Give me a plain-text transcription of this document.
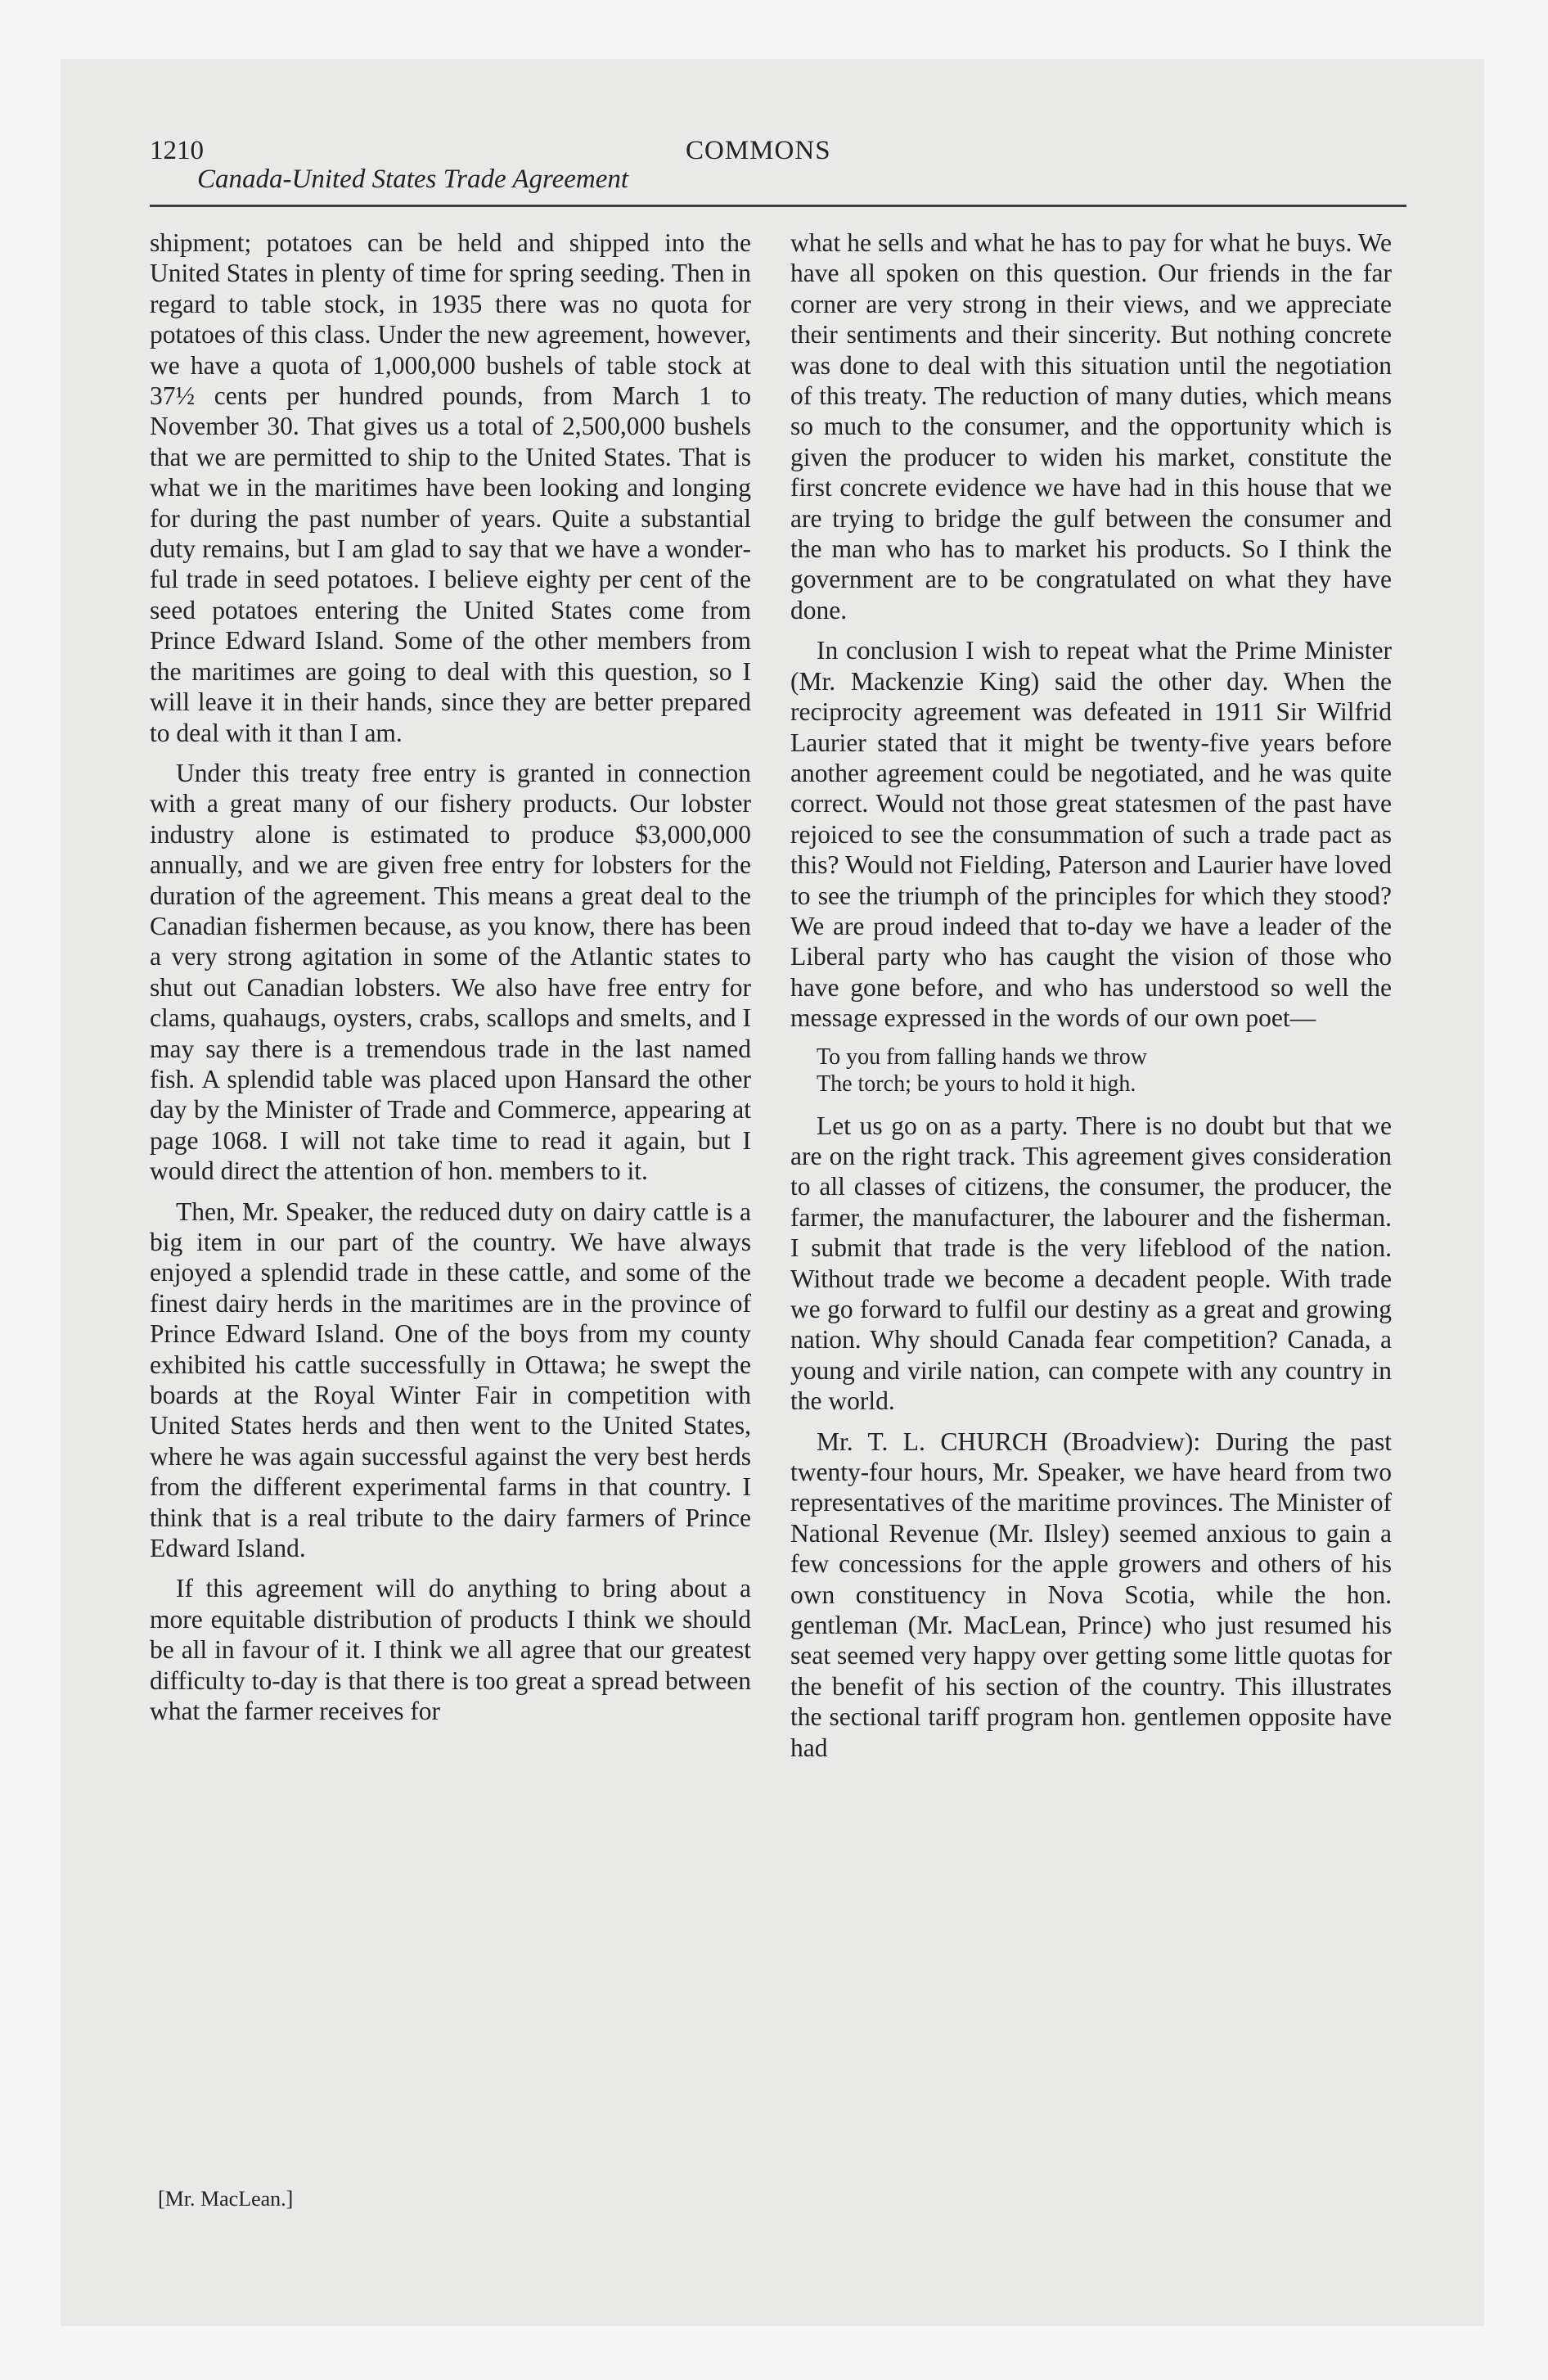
1210	COMMONS
Canada-United States Trade Agreement

shipment; potatoes can be held and shipped into the United States in plenty of time for spring seeding. Then in regard to table stock, in 1935 there was no quota for potatoes of this class. Under the new agreement, however, we have a quota of 1,000,000 bushels of table stock at 37½ cents per hundred pounds, from March 1 to November 30. That gives us a total of 2,500,000 bushels that we are permitted to ship to the United States. That is what we in the maritimes have been looking and longing for during the past number of years. Quite a substantial duty remains, but I am glad to say that we have a wonderful trade in seed potatoes. I believe eighty per cent of the seed potatoes entering the United States come from Prince Edward Island. Some of the other members from the maritimes are going to deal with this question, so I will leave it in their hands, since they are better prepared to deal with it than I am.

Under this treaty free entry is granted in connection with a great many of our fishery products. Our lobster industry alone is estimated to produce $3,000,000 annually, and we are given free entry for lobsters for the duration of the agreement. This means a great deal to the Canadian fishermen because, as you know, there has been a very strong agitation in some of the Atlantic states to shut out Canadian lobsters. We also have free entry for clams, quahaugs, oysters, crabs, scallops and smelts, and I may say there is a tremendous trade in the last named fish. A splendid table was placed upon Hansard the other day by the Minister of Trade and Commerce, appearing at page 1068. I will not take time to read it again, but I would direct the attention of hon. members to it.

Then, Mr. Speaker, the reduced duty on dairy cattle is a big item in our part of the country. We have always enjoyed a splendid trade in these cattle, and some of the finest dairy herds in the maritimes are in the province of Prince Edward Island. One of the boys from my county exhibited his cattle successfully in Ottawa; he swept the boards at the Royal Winter Fair in competition with United States herds and then went to the United States, where he was again successful against the very best herds from the different experimental farms in that country. I think that is a real tribute to the dairy farmers of Prince Edward Island.

If this agreement will do anything to bring about a more equitable distribution of products I think we should be all in favour of it. I think we all agree that our greatest difficulty to-day is that there is too great a spread between what the farmer receives for

[Mr. MacLean.]

what he sells and what he has to pay for what he buys. We have all spoken on this question. Our friends in the far corner are very strong in their views, and we appreciate their sentiments and their sincerity. But nothing concrete was done to deal with this situation until the negotiation of this treaty. The reduction of many duties, which means so much to the consumer, and the opportunity which is given the producer to widen his market, constitute the first concrete evidence we have had in this house that we are trying to bridge the gulf between the consumer and the man who has to market his products. So I think the government are to be congratulated on what they have done.

In conclusion I wish to repeat what the Prime Minister (Mr. Mackenzie King) said the other day. When the reciprocity agreement was defeated in 1911 Sir Wilfrid Laurier stated that it might be twenty-five years before another agreement could be negotiated, and he was quite correct. Would not those great statesmen of the past have rejoiced to see the consummation of such a trade pact as this? Would not Fielding, Paterson and Laurier have loved to see the triumph of the principles for which they stood? We are proud indeed that to-day we have a leader of the Liberal party who has caught the vision of those who have gone before, and who has understood so well the message expressed in the words of our own poet—

To you from falling hands we throw
The torch; be yours to hold it high.

Let us go on as a party. There is no doubt but that we are on the right track. This agreement gives consideration to all classes of citizens, the consumer, the producer, the farmer, the manufacturer, the labourer and the fisherman. I submit that trade is the very lifeblood of the nation. Without trade we become a decadent people. With trade we go forward to fulfil our destiny as a great and growing nation. Why should Canada fear competition? Canada, a young and virile nation, can compete with any country in the world.

Mr. T. L. CHURCH (Broadview): During the past twenty-four hours, Mr. Speaker, we have heard from two representatives of the maritime provinces. The Minister of National Revenue (Mr. Ilsley) seemed anxious to gain a few concessions for the apple growers and others of his own constituency in Nova Scotia, while the hon. gentleman (Mr. MacLean, Prince) who just resumed his seat seemed very happy over getting some little quotas for the benefit of his section of the country. This illustrates the sectional tariff program hon. gentlemen opposite have had
